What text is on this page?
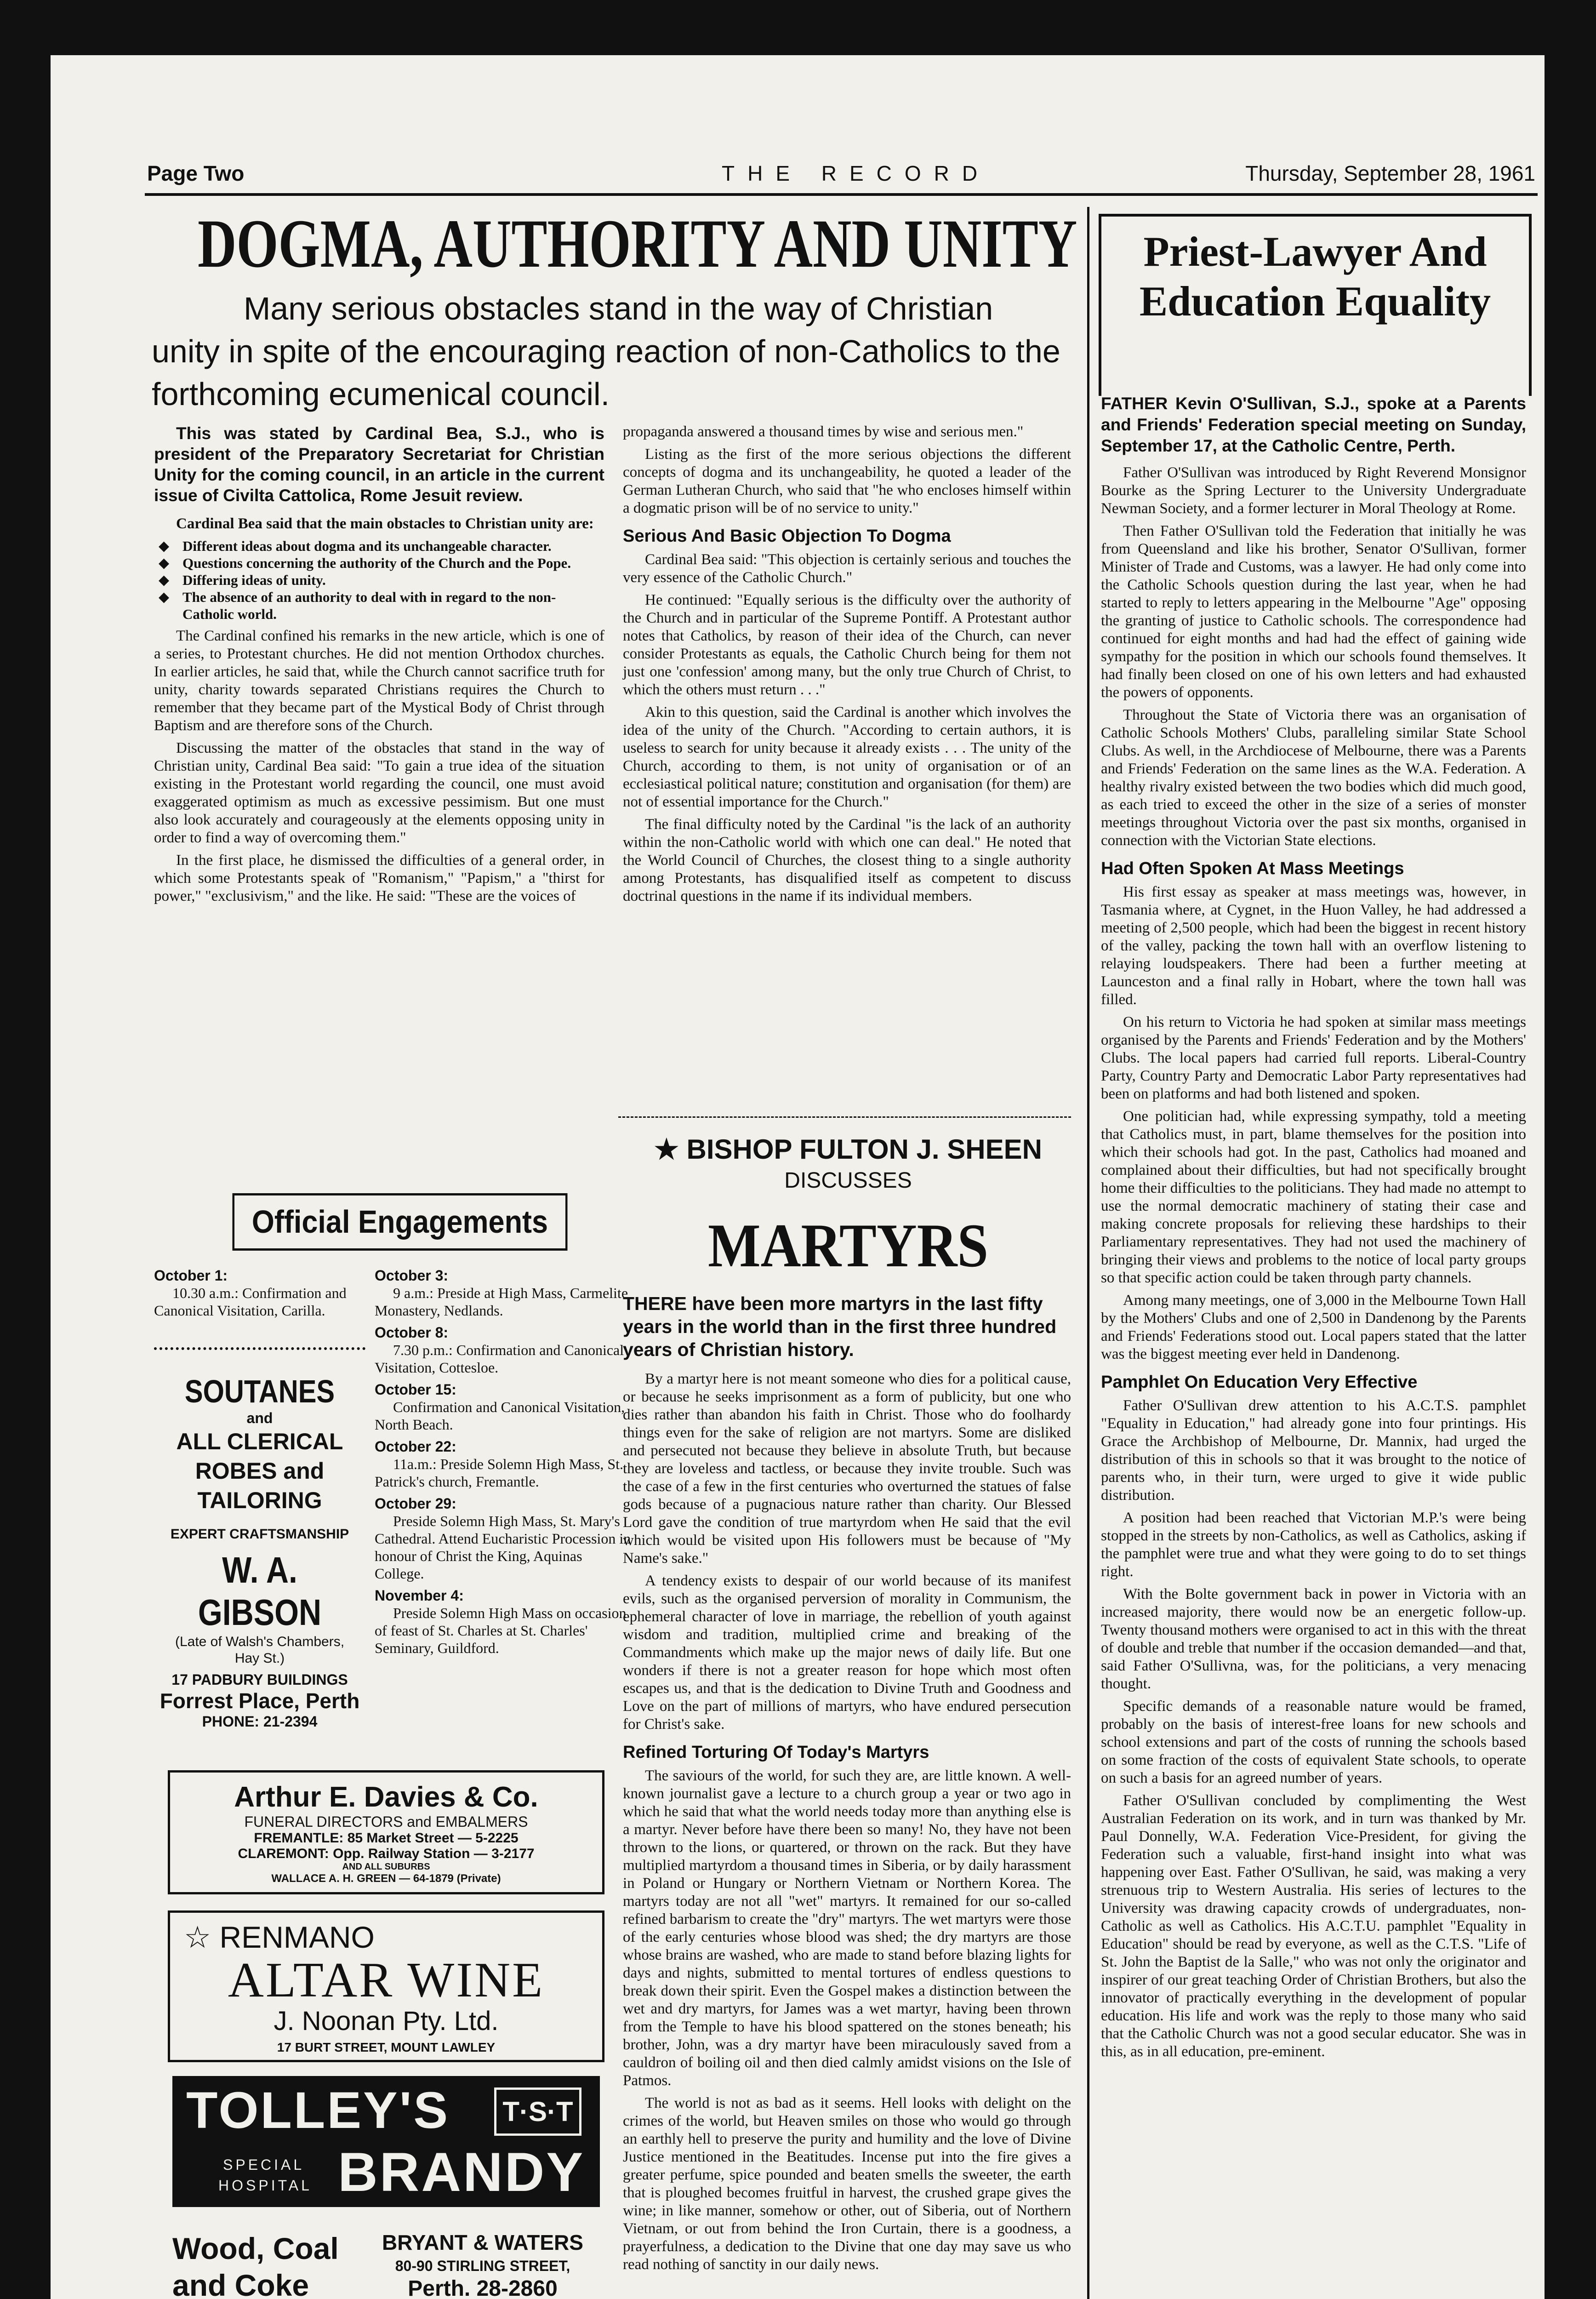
Page Two	THE RECORD	Thursday, September 28, 1961
DOGMA, AUTHORITY AND UNITY
Many serious obstacles stand in the way of Christian unity in spite of the encouraging reaction of non-Catholics to the forthcoming ecumenical council.
This was stated by Cardinal Bea, S.J., who is president of the Preparatory Secretariat for Christian Unity for the coming council, in an article in the current issue of Civilta Cattolica, Rome Jesuit review.

Cardinal Bea said that the main obstacles to Christian unity are:

◆ Different ideas about dogma and its unchangeable character.
◆ Questions concerning the authority of the Church and the Pope.
◆ Differing ideas of unity.
◆ The absence of an authority to deal with in regard to the non-Catholic world.

The Cardinal confined his remarks in the new article, which is one of a series, to Protestant churches. He did not mention Orthodox churches. In earlier articles, he said that, while the Church cannot sacrifice truth for unity, charity towards separated Christians requires the Church to remember that they became part of the Mystical Body of Christ through Baptism and are therefore sons of the Church.

Discussing the matter of the obstacles that stand in the way of Christian unity, Cardinal Bea said: "To gain a true idea of the situation existing in the Protestant world regarding the council, one must avoid exaggerated optimism as much as excessive pessimism. But one must also look accurately and courageously at the elements opposing unity in order to find a way of overcoming them."

In the first place, he dismissed the difficulties of a general order, in which some Protestants speak of "Romanism," "Papism," a "thirst for power," "exclusivism," and the like. He said: "These are the voices of

propaganda answered a thousand times by wise and serious men."

Listing as the first of the more serious objections the different concepts of dogma and its unchangeability, he quoted a leader of the German Lutheran Church, who said that "he who encloses himself within a dogmatic prison will be of no service to unity."

Serious And Basic Objection To Dogma

Cardinal Bea said: "This objection is certainly serious and touches the very essence of the Catholic Church."

He continued: "Equally serious is the difficulty over the authority of the Church and in particular of the Supreme Pontiff. A Protestant author notes that Catholics, by reason of their idea of the Church, can never consider Protestants as equals, the Catholic Church being for them not just one 'confession' among many, but the only true Church of Christ, to which the others must return . . ."

Akin to this question, said the Cardinal is another which involves the idea of the unity of the Church. "According to certain authors, it is useless to search for unity because it already exists . . . The unity of the Church, according to them, is not unity of organisation or of an ecclesiastical political nature; constitution and organisation (for them) are not of essential importance for the Church."

The final difficulty noted by the Cardinal "is the lack of an authority within the non-Catholic world with which one can deal." He noted that the World Council of Churches, the closest thing to a single authority among Protestants, has disqualified itself as competent to discuss doctrinal questions in the name if its individual members.

★ BISHOP FULTON J. SHEEN
DISCUSSES
MARTYRS
THERE have been more martyrs in the last fifty years in the world than in the first three hundred years of Christian history.

By a martyr here is not meant someone who dies for a political cause, or because he seeks imprisonment as a form of publicity, but one who dies rather than abandon his faith in Christ. Those who do foolhardy things even for the sake of religion are not martyrs. Some are disliked and persecuted not because they believe in absolute Truth, but because they are loveless and tactless, or because they invite trouble. Such was the case of a few in the first centuries who overturned the statues of false gods because of a pugnacious nature rather than charity. Our Blessed Lord gave the condition of true martyrdom when He said that the evil which would be visited upon His followers must be because of "My Name's sake."

A tendency exists to despair of our world because of its manifest evils, such as the organised perversion of morality in Communism, the ephemeral character of love in marriage, the rebellion of youth against wisdom and tradition, multiplied crime and breaking of the Commandments which make up the major news of daily life. But one wonders if there is not a greater reason for hope which most often escapes us, and that is the dedication to Divine Truth and Goodness and Love on the part of millions of martyrs, who have endured persecution for Christ's sake.

Refined Torturing Of Today's Martyrs

The saviours of the world, for such they are, are little known. A well-known journalist gave a lecture to a church group a year or two ago in which he said that what the world needs today more than anything else is a martyr. Never before have there been so many! No, they have not been thrown to the lions, or quartered, or thrown on the rack. But they have multiplied martyrdom a thousand times in Siberia, or by daily harassment in Poland or Hungary or Northern Vietnam or Northern Korea. The martyrs today are not all "wet" martyrs. It remained for our so-called refined barbarism to create the "dry" martyrs. The wet martyrs were those of the early centuries whose blood was shed; the dry martyrs are those whose brains are washed, who are made to stand before blazing lights for days and nights, submitted to mental tortures of endless questions to break down their spirit. Even the Gospel makes a distinction between the wet and dry martyrs, for James was a wet martyr, having been thrown from the Temple to have his blood spattered on the stones beneath; his brother, John, was a dry martyr have been miraculously saved from a cauldron of boiling oil and then died calmly amidst visions on the Isle of Patmos.

The world is not as bad as it seems. Hell looks with delight on the crimes of the world, but Heaven smiles on those who would go through an earthly hell to preserve the purity and humility and the love of Divine Justice mentioned in the Beatitudes. Incense put into the fire gives a greater perfume, spice pounded and beaten smells the sweeter, the earth that is ploughed becomes fruitful in harvest, the crushed grape gives the wine; in like manner, somehow or other, out of Siberia, out of Northern Vietnam, or out from behind the Iron Curtain, there is a goodness, a prayerfulness, a dedication to the Divine that one day may save us who read nothing of sanctity in our daily news.

Official Engagements
October 1:
10.30 a.m.: Confirmation and Canonical Visitation, Carilla.
October 3:
9 a.m.: Preside at High Mass, Carmelite Monastery, Nedlands.
October 8:
7.30 p.m.: Confirmation and Canonical Visitation, Cottesloe.
October 15:
Confirmation and Canonical Visitation, North Beach.
October 22:
11a.m.: Preside Solemn High Mass, St. Patrick's church, Fremantle.
October 29:
Preside Solemn High Mass, St. Mary's Cathedral. Attend Eucharistic Procession in honour of Christ the King, Aquinas College.
November 4:
Preside Solemn High Mass on occasion of feast of St. Charles at St. Charles' Seminary, Guildford.
SOUTANES
and
ALL CLERICAL
ROBES and
TAILORING
EXPERT CRAFTSMANSHIP
W. A. GIBSON
(Late of Walsh's Chambers, Hay St.)
17 PADBURY BUILDINGS
Forrest Place, Perth
PHONE: 21-2394
Arthur E. Davies & Co.
FUNERAL DIRECTORS and EMBALMERS
FREMANTLE: 85 Market Street — 5-2225
CLAREMONT: Opp. Railway Station — 3-2177
AND ALL SUBURBS
WALLACE A. H. GREEN — 64-1879 (Private)
☆ RENMANO
ALTAR WINE
J. Noonan Pty. Ltd.
17 BURT STREET, MOUNT LAWLEY
TOLLEY'S	T·S·T
SPECIAL
HOSPITAL BRANDY
Wood, Coal
and Coke
BRYANT & WATERS
80-90 STIRLING STREET,
Perth. 28-2860
Priest-Lawyer And Education Equality
FATHER Kevin O'Sullivan, S.J., spoke at a Parents and Friends' Federation special meeting on Sunday, September 17, at the Catholic Centre, Perth.

Father O'Sullivan was introduced by Right Reverend Monsignor Bourke as the Spring Lecturer to the University Undergraduate Newman Society, and a former lecturer in Moral Theology at Rome.

Then Father O'Sullivan told the Federation that initially he was from Queensland and like his brother, Senator O'Sullivan, former Minister of Trade and Customs, was a lawyer. He had only come into the Catholic Schools question during the last year, when he had started to reply to letters appearing in the Melbourne "Age" opposing the granting of justice to Catholic schools. The correspondence had continued for eight months and had had the effect of gaining wide sympathy for the position in which our schools found themselves. It had finally been closed on one of his own letters and had exhausted the powers of opponents.

Throughout the State of Victoria there was an organisation of Catholic Schools Mothers' Clubs, paralleling similar State School Clubs. As well, in the Archdiocese of Melbourne, there was a Parents and Friends' Federation on the same lines as the W.A. Federation. A healthy rivalry existed between the two bodies which did much good, as each tried to exceed the other in the size of a series of monster meetings throughout Victoria over the past six months, organised in connection with the Victorian State elections.

Had Often Spoken At Mass Meetings

His first essay as speaker at mass meetings was, however, in Tasmania where, at Cygnet, in the Huon Valley, he had addressed a meeting of 2,500 people, which had been the biggest in recent history of the valley, packing the town hall with an overflow listening to relaying loudspeakers. There had been a further meeting at Launceston and a final rally in Hobart, where the town hall was filled.

On his return to Victoria he had spoken at similar mass meetings organised by the Parents and Friends' Federation and by the Mothers' Clubs. The local papers had carried full reports. Liberal-Country Party, Country Party and Democratic Labor Party representatives had been on platforms and had both listened and spoken.

One politician had, while expressing sympathy, told a meeting that Catholics must, in part, blame themselves for the position into which their schools had got. In the past, Catholics had moaned and complained about their difficulties, but had not specifically brought home their difficulties to the politicians. They had made no attempt to use the normal democratic machinery of stating their case and making concrete proposals for relieving these hardships to their Parliamentary representatives. They had not used the machinery of bringing their views and problems to the notice of local party groups so that specific action could be taken through party channels.

Among many meetings, one of 3,000 in the Melbourne Town Hall by the Mothers' Clubs and one of 2,500 in Dandenong by the Parents and Friends' Federations stood out. Local papers stated that the latter was the biggest meeting ever held in Dandenong.

Pamphlet On Education Very Effective

Father O'Sullivan drew attention to his A.C.T.S. pamphlet "Equality in Education," had already gone into four printings. His Grace the Archbishop of Melbourne, Dr. Mannix, had urged the distribution of this in schools so that it was brought to the notice of parents who, in their turn, were urged to give it wide public distribution.

A position had been reached that Victorian M.P.'s were being stopped in the streets by non-Catholics, as well as Catholics, asking if the pamphlet were true and what they were going to do to set things right.

With the Bolte government back in power in Victoria with an increased majority, there would now be an energetic follow-up. Twenty thousand mothers were organised to act in this with the threat of double and treble that number if the occasion demanded—and that, said Father O'Sullivna, was, for the politicians, a very menacing thought.

Specific demands of a reasonable nature would be framed, probably on the basis of interest-free loans for new schools and school extensions and part of the costs of running the schools based on some fraction of the costs of equivalent State schools, to operate on such a basis for an agreed number of years.

Father O'Sullivan concluded by complimenting the West Australian Federation on its work, and in turn was thanked by Mr. Paul Donnelly, W.A. Federation Vice-President, for giving the Federation such a valuable, first-hand insight into what was happening over East. Father O'Sullivan, he said, was making a very strenuous trip to Western Australia. His series of lectures to the University was drawing capacity crowds of undergraduates, non-Catholic as well as Catholics. His A.C.T.U. pamphlet "Equality in Education" should be read by everyone, as well as the C.T.S. "Life of St. John the Baptist de la Salle," who was not only the originator and inspirer of our great teaching Order of Christian Brothers, but also the innovator of practically everything in the development of popular education. His life and work was the reply to those many who said that the Catholic Church was not a good secular educator. She was in this, as in all education, pre-eminent.
